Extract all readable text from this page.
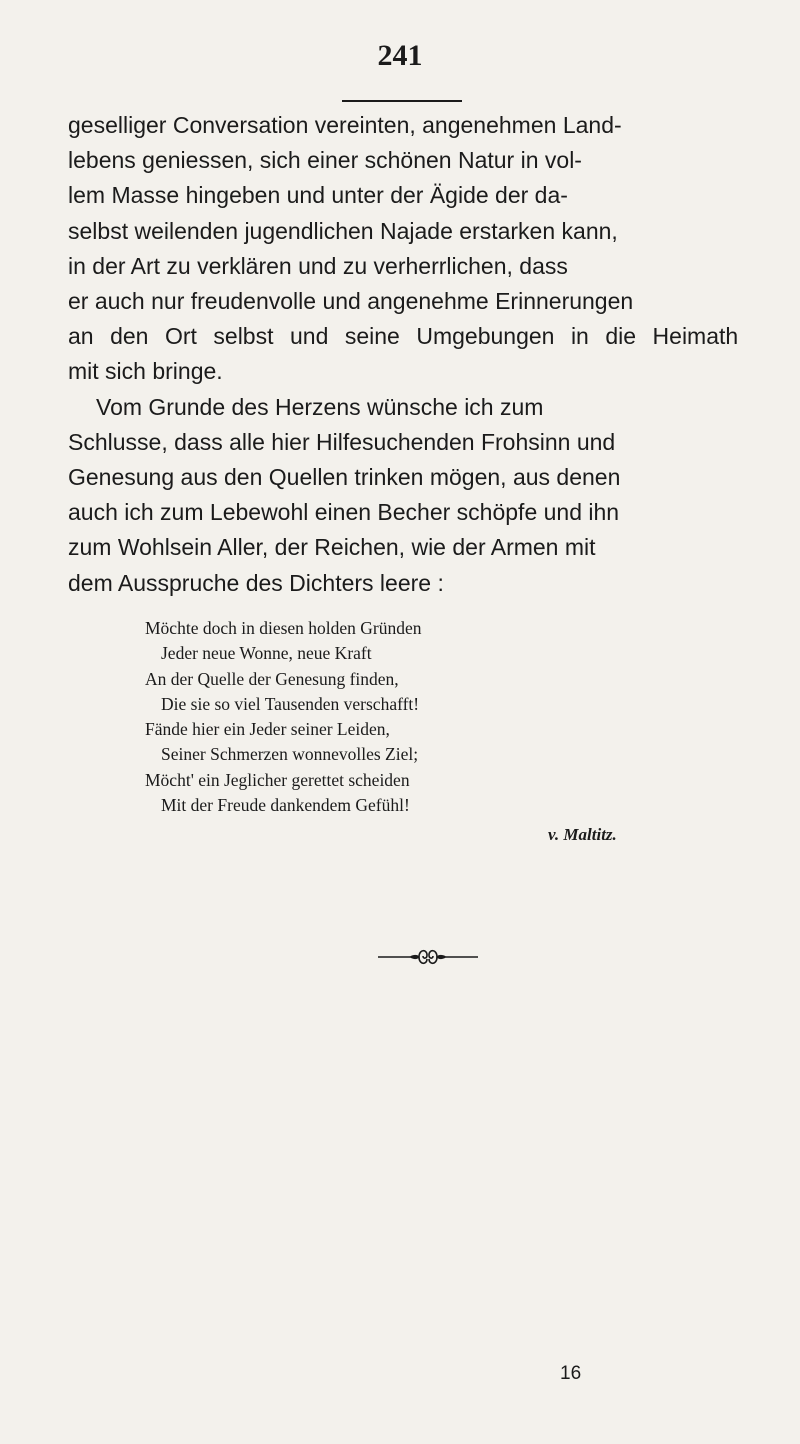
241

geselliger Conversation vereinten, angenehmen Land-
lebens geniessen, sich einer schönen Natur in vol-
lem Masse hingeben und unter der Ägide der da-
selbst weilenden jugendlichen Najade erstarken kann,
in der Art zu verklären und zu verherrlichen, dass
er auch nur freudenvolle und angenehme Erinnerungen
an den Ort selbst und seine Umgebungen in die Heimath
mit sich bringe.

Vom Grunde des Herzens wünsche ich zum
Schlusse, dass alle hier Hilfesuchenden Frohsinn und
Genesung aus den Quellen trinken mögen, aus denen
auch ich zum Lebewohl einen Becher schöpfe und ihn
zum Wohlsein Aller, der Reichen, wie der Armen mit
dem Ausspruche des Dichters leere :

Möchte doch in diesen holden Gründen
Jeder neue Wonne, neue Kraft
An der Quelle der Genesung finden,
Die sie so viel Tausenden verschafft!
Fände hier ein Jeder seiner Leiden,
Seiner Schmerzen wonnevolles Ziel;
Möcht' ein Jeglicher gerettet scheiden
Mit der Freude dankendem Gefühl!
v. Maltitz.
16
